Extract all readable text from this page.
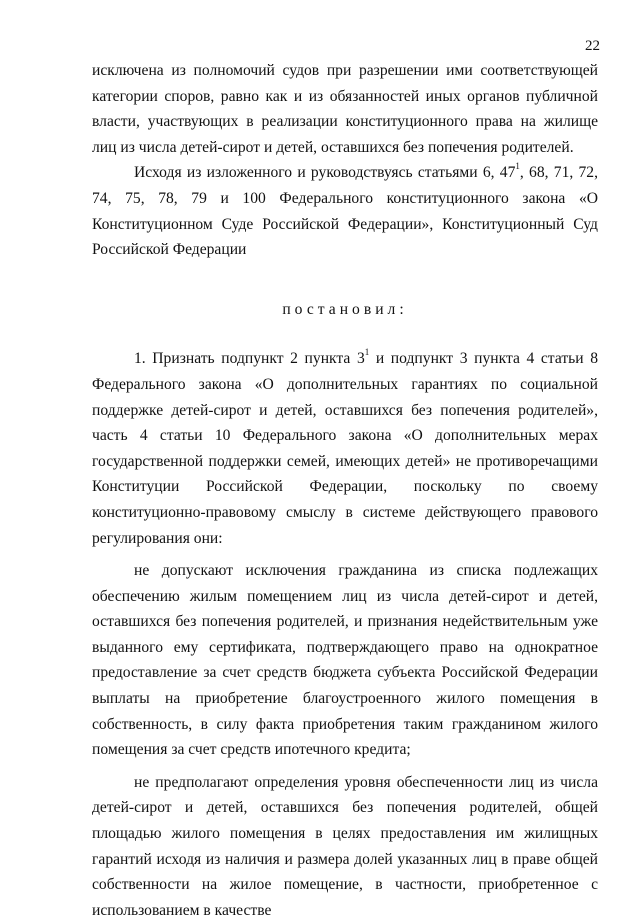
22

исключена из полномочий судов при разрешении ими соответствующей категории споров, равно как и из обязанностей иных органов публичной власти, участвующих в реализации конституционного права на жилище лиц из числа детей-сирот и детей, оставшихся без попечения родителей.

Исходя из изложенного и руководствуясь статьями 6, $47^1$, 68, 71, 72, 74, 75, 78, 79 и 100 Федерального конституционного закона «О Конституционном Суде Российской Федерации», Конституционный Суд Российской Федерации

постановил:

1. Признать подпункт 2 пункта $3^1$ и подпункт 3 пункта 4 статьи 8 Федерального закона «О дополнительных гарантиях по социальной поддержке детей-сирот и детей, оставшихся без попечения родителей», часть 4 статьи 10 Федерального закона «О дополнительных мерах государственной поддержки семей, имеющих детей» не противоречащими Конституции Российской Федерации, поскольку по своему конституционно-правовому смыслу в системе действующего правового регулирования они:

не допускают исключения гражданина из списка подлежащих обеспечению жилым помещением лиц из числа детей-сирот и детей, оставшихся без попечения родителей, и признания недействительным уже выданного ему сертификата, подтверждающего право на однократное предоставление за счет средств бюджета субъекта Российской Федерации выплаты на приобретение благоустроенного жилого помещения в собственность, в силу факта приобретения таким гражданином жилого помещения за счет средств ипотечного кредита;

не предполагают определения уровня обеспеченности лиц из числа детей-сирот и детей, оставшихся без попечения родителей, общей площадью жилого помещения в целях предоставления им жилищных гарантий исходя из наличия и размера долей указанных лиц в праве общей собственности на жилое помещение, в частности, приобретенное с использованием в качестве
